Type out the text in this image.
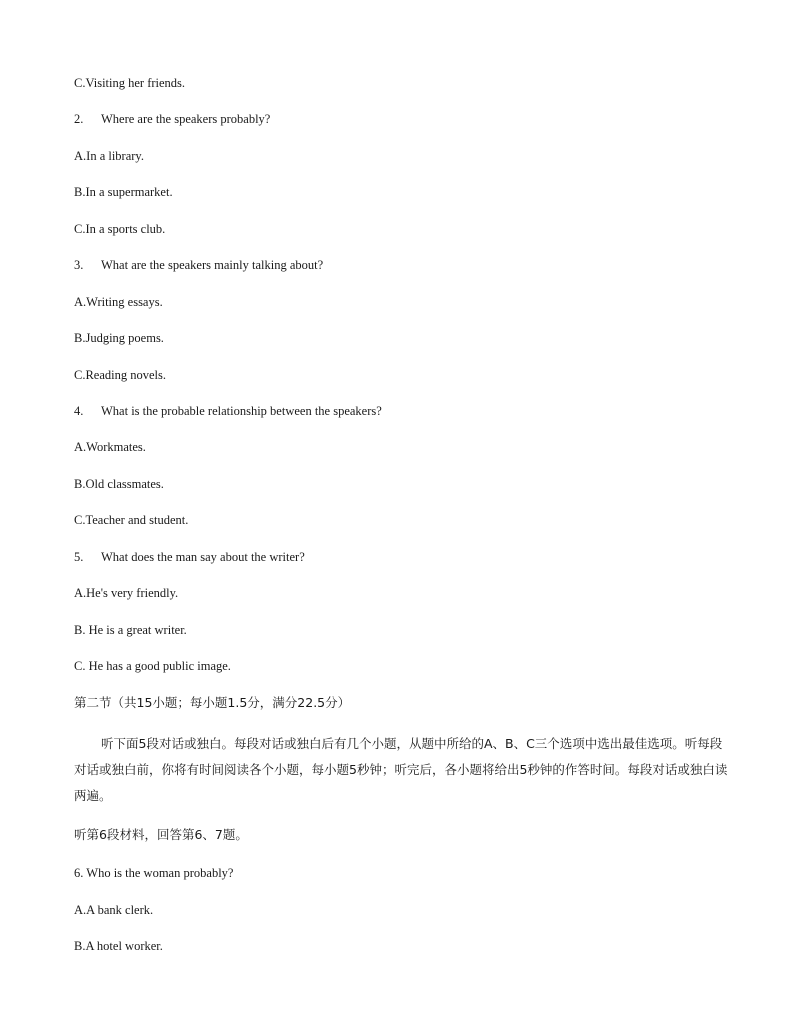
C.Visiting her friends.
2. Where are the speakers probably?
A.In a library.
B.In a supermarket.
C.In a sports club.
3. What are the speakers mainly talking about?
A.Writing essays.
B.Judging poems.
C.Reading novels.
4. What is the probable relationship between the speakers?
A.Workmates.
B.Old classmates.
C.Teacher and student.
5. What does the man say about the writer?
A.He's very friendly.
B. He is a great writer.
C. He has a good public image.
第二节（共15小题；每小题1.5分，满分22.5分）
听下面5段对话或独白。每段对话或独白后有几个小题，从题中所给的A、B、C三个选项中选出最佳选项。听每段对话或独白前，你将有时间阅读各个小题，每小题5秒钟；听完后，各小题将给出5秒钟的作答时间。每段对话或独白读两遍。
听第6段材料，回答第6、7题。
6. Who is the woman probably?
A.A bank clerk.
B.A hotel worker.
